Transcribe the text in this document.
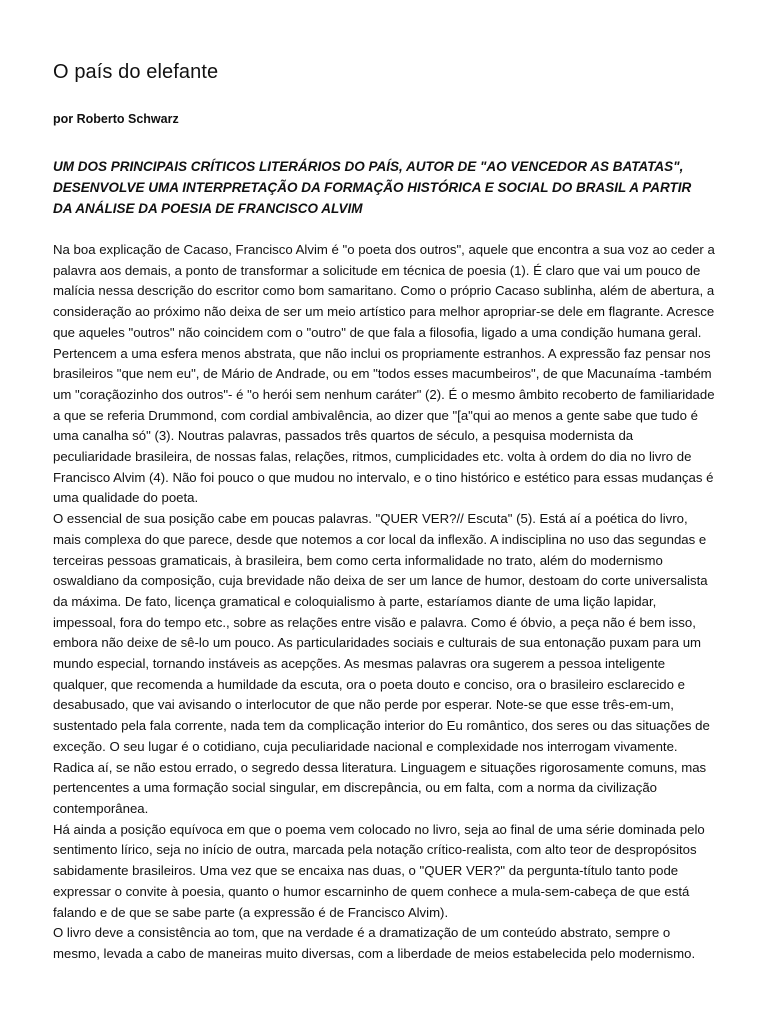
O país do elefante
por Roberto Schwarz
UM DOS PRINCIPAIS CRÍTICOS LITERÁRIOS DO PAÍS, AUTOR DE "AO VENCEDOR AS BATATAS", DESENVOLVE UMA INTERPRETAÇÃO DA FORMAÇÃO HISTÓRICA E SOCIAL DO BRASIL A PARTIR DA ANÁLISE DA POESIA DE FRANCISCO ALVIM

Na boa explicação de Cacaso, Francisco Alvim é "o poeta dos outros", aquele que encontra a sua voz ao ceder a palavra aos demais, a ponto de transformar a solicitude em técnica de poesia (1). É claro que vai um pouco de malícia nessa descrição do escritor como bom samaritano. Como o próprio Cacaso sublinha, além de abertura, a consideração ao próximo não deixa de ser um meio artístico para melhor apropriar-se dele em flagrante. Acresce que aqueles "outros" não coincidem com o "outro" de que fala a filosofia, ligado a uma condição humana geral. Pertencem a uma esfera menos abstrata, que não inclui os propriamente estranhos. A expressão faz pensar nos brasileiros "que nem eu", de Mário de Andrade, ou em "todos esses macumbeiros", de que Macunaíma -também um "coraçãozinho dos outros"- é "o herói sem nenhum caráter" (2). É o mesmo âmbito recoberto de familiaridade a que se referia Drummond, com cordial ambivalência, ao dizer que "[a"qui ao menos a gente sabe que tudo é uma canalha só" (3). Noutras palavras, passados três quartos de século, a pesquisa modernista da peculiaridade brasileira, de nossas falas, relações, ritmos, cumplicidades etc. volta à ordem do dia no livro de Francisco Alvim (4). Não foi pouco o que mudou no intervalo, e o tino histórico e estético para essas mudanças é uma qualidade do poeta.

O essencial de sua posição cabe em poucas palavras. "QUER VER?// Escuta" (5). Está aí a poética do livro, mais complexa do que parece, desde que notemos a cor local da inflexão. A indisciplina no uso das segundas e terceiras pessoas gramaticais, à brasileira, bem como certa informalidade no trato, além do modernismo oswaldiano da composição, cuja brevidade não deixa de ser um lance de humor, destoam do corte universalista da máxima. De fato, licença gramatical e coloquialismo à parte, estaríamos diante de uma lição lapidar, impessoal, fora do tempo etc., sobre as relações entre visão e palavra. Como é óbvio, a peça não é bem isso, embora não deixe de sê-lo um pouco. As particularidades sociais e culturais de sua entonação puxam para um mundo especial, tornando instáveis as acepções. As mesmas palavras ora sugerem a pessoa inteligente qualquer, que recomenda a humildade da escuta, ora o poeta douto e conciso, ora o brasileiro esclarecido e desabusado, que vai avisando o interlocutor de que não perde por esperar. Note-se que esse três-em-um, sustentado pela fala corrente, nada tem da complicação interior do Eu romântico, dos seres ou das situações de exceção. O seu lugar é o cotidiano, cuja peculiaridade nacional e complexidade nos interrogam vivamente. Radica aí, se não estou errado, o segredo dessa literatura. Linguagem e situações rigorosamente comuns, mas pertencentes a uma formação social singular, em discrepância, ou em falta, com a norma da civilização contemporânea.

Há ainda a posição equívoca em que o poema vem colocado no livro, seja ao final de uma série dominada pelo sentimento lírico, seja no início de outra, marcada pela notação crítico-realista, com alto teor de despropósitos sabidamente brasileiros. Uma vez que se encaixa nas duas, o "QUER VER?" da pergunta-título tanto pode expressar o convite à poesia, quanto o humor escarninho de quem conhece a mula-sem-cabeça de que está falando e de que se sabe parte (a expressão é de Francisco Alvim).

O livro deve a consistência ao tom, que na verdade é a dramatização de um conteúdo abstrato, sempre o mesmo, levada a cabo de maneiras muito diversas, com a liberdade de meios estabelecida pelo modernismo.
